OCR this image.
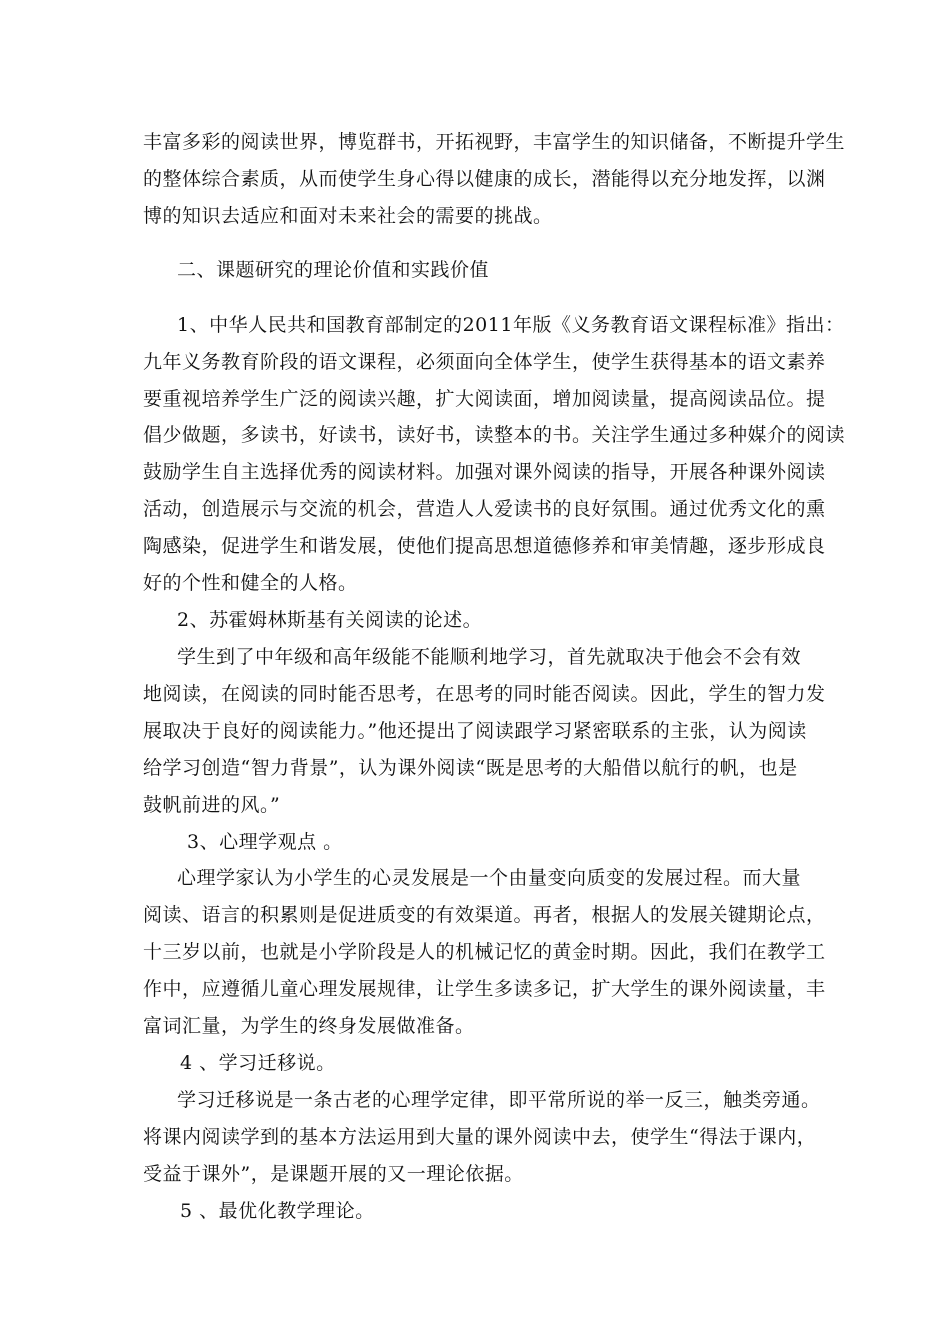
丰富多彩的阅读世界，博览群书，开拓视野，丰富学生的知识储备，不断提升学生
的整体综合素质，从而使学生身心得以健康的成长，潜能得以充分地发挥，以渊
博的知识去适应和面对未来社会的需要的挑战。
二、课题研究的理论价值和实践价值
1、中华人民共和国教育部制定的2011年版《义务教育语文课程标准》指出：
九年义务教育阶段的语文课程，必须面向全体学生，使学生获得基本的语文素养
要重视培养学生广泛的阅读兴趣，扩大阅读面，增加阅读量，提高阅读品位。提
倡少做题，多读书，好读书，读好书，读整本的书。关注学生通过多种媒介的阅读
鼓励学生自主选择优秀的阅读材料。加强对课外阅读的指导，开展各种课外阅读
活动，创造展示与交流的机会，营造人人爱读书的良好氛围。通过优秀文化的熏
陶感染，促进学生和谐发展，使他们提高思想道德修养和审美情趣，逐步形成良
好的个性和健全的人格。
2、苏霍姆林斯基有关阅读的论述。
学生到了中年级和高年级能不能顺利地学习，首先就取决于他会不会有效
地阅读，在阅读的同时能否思考，在思考的同时能否阅读。因此，学生的智力发
展取决于良好的阅读能力。”他还提出了阅读跟学习紧密联系的主张，认为阅读
给学习创造“智力背景”，认为课外阅读“既是思考的大船借以航行的帆，也是
鼓帆前进的风。”
3、心理学观点 。
心理学家认为小学生的心灵发展是一个由量变向质变的发展过程。而大量
阅读、语言的积累则是促进质变的有效渠道。再者，根据人的发展关键期论点，
十三岁以前，也就是小学阶段是人的机械记忆的黄金时期。因此，我们在教学工
作中，应遵循儿童心理发展规律，让学生多读多记，扩大学生的课外阅读量，丰
富词汇量，为学生的终身发展做准备。
4 、学习迁移说。
学习迁移说是一条古老的心理学定律，即平常所说的举一反三，触类旁通。
将课内阅读学到的基本方法运用到大量的课外阅读中去，使学生“得法于课内，
受益于课外”，是课题开展的又一理论依据。
5 、最优化教学理论。
